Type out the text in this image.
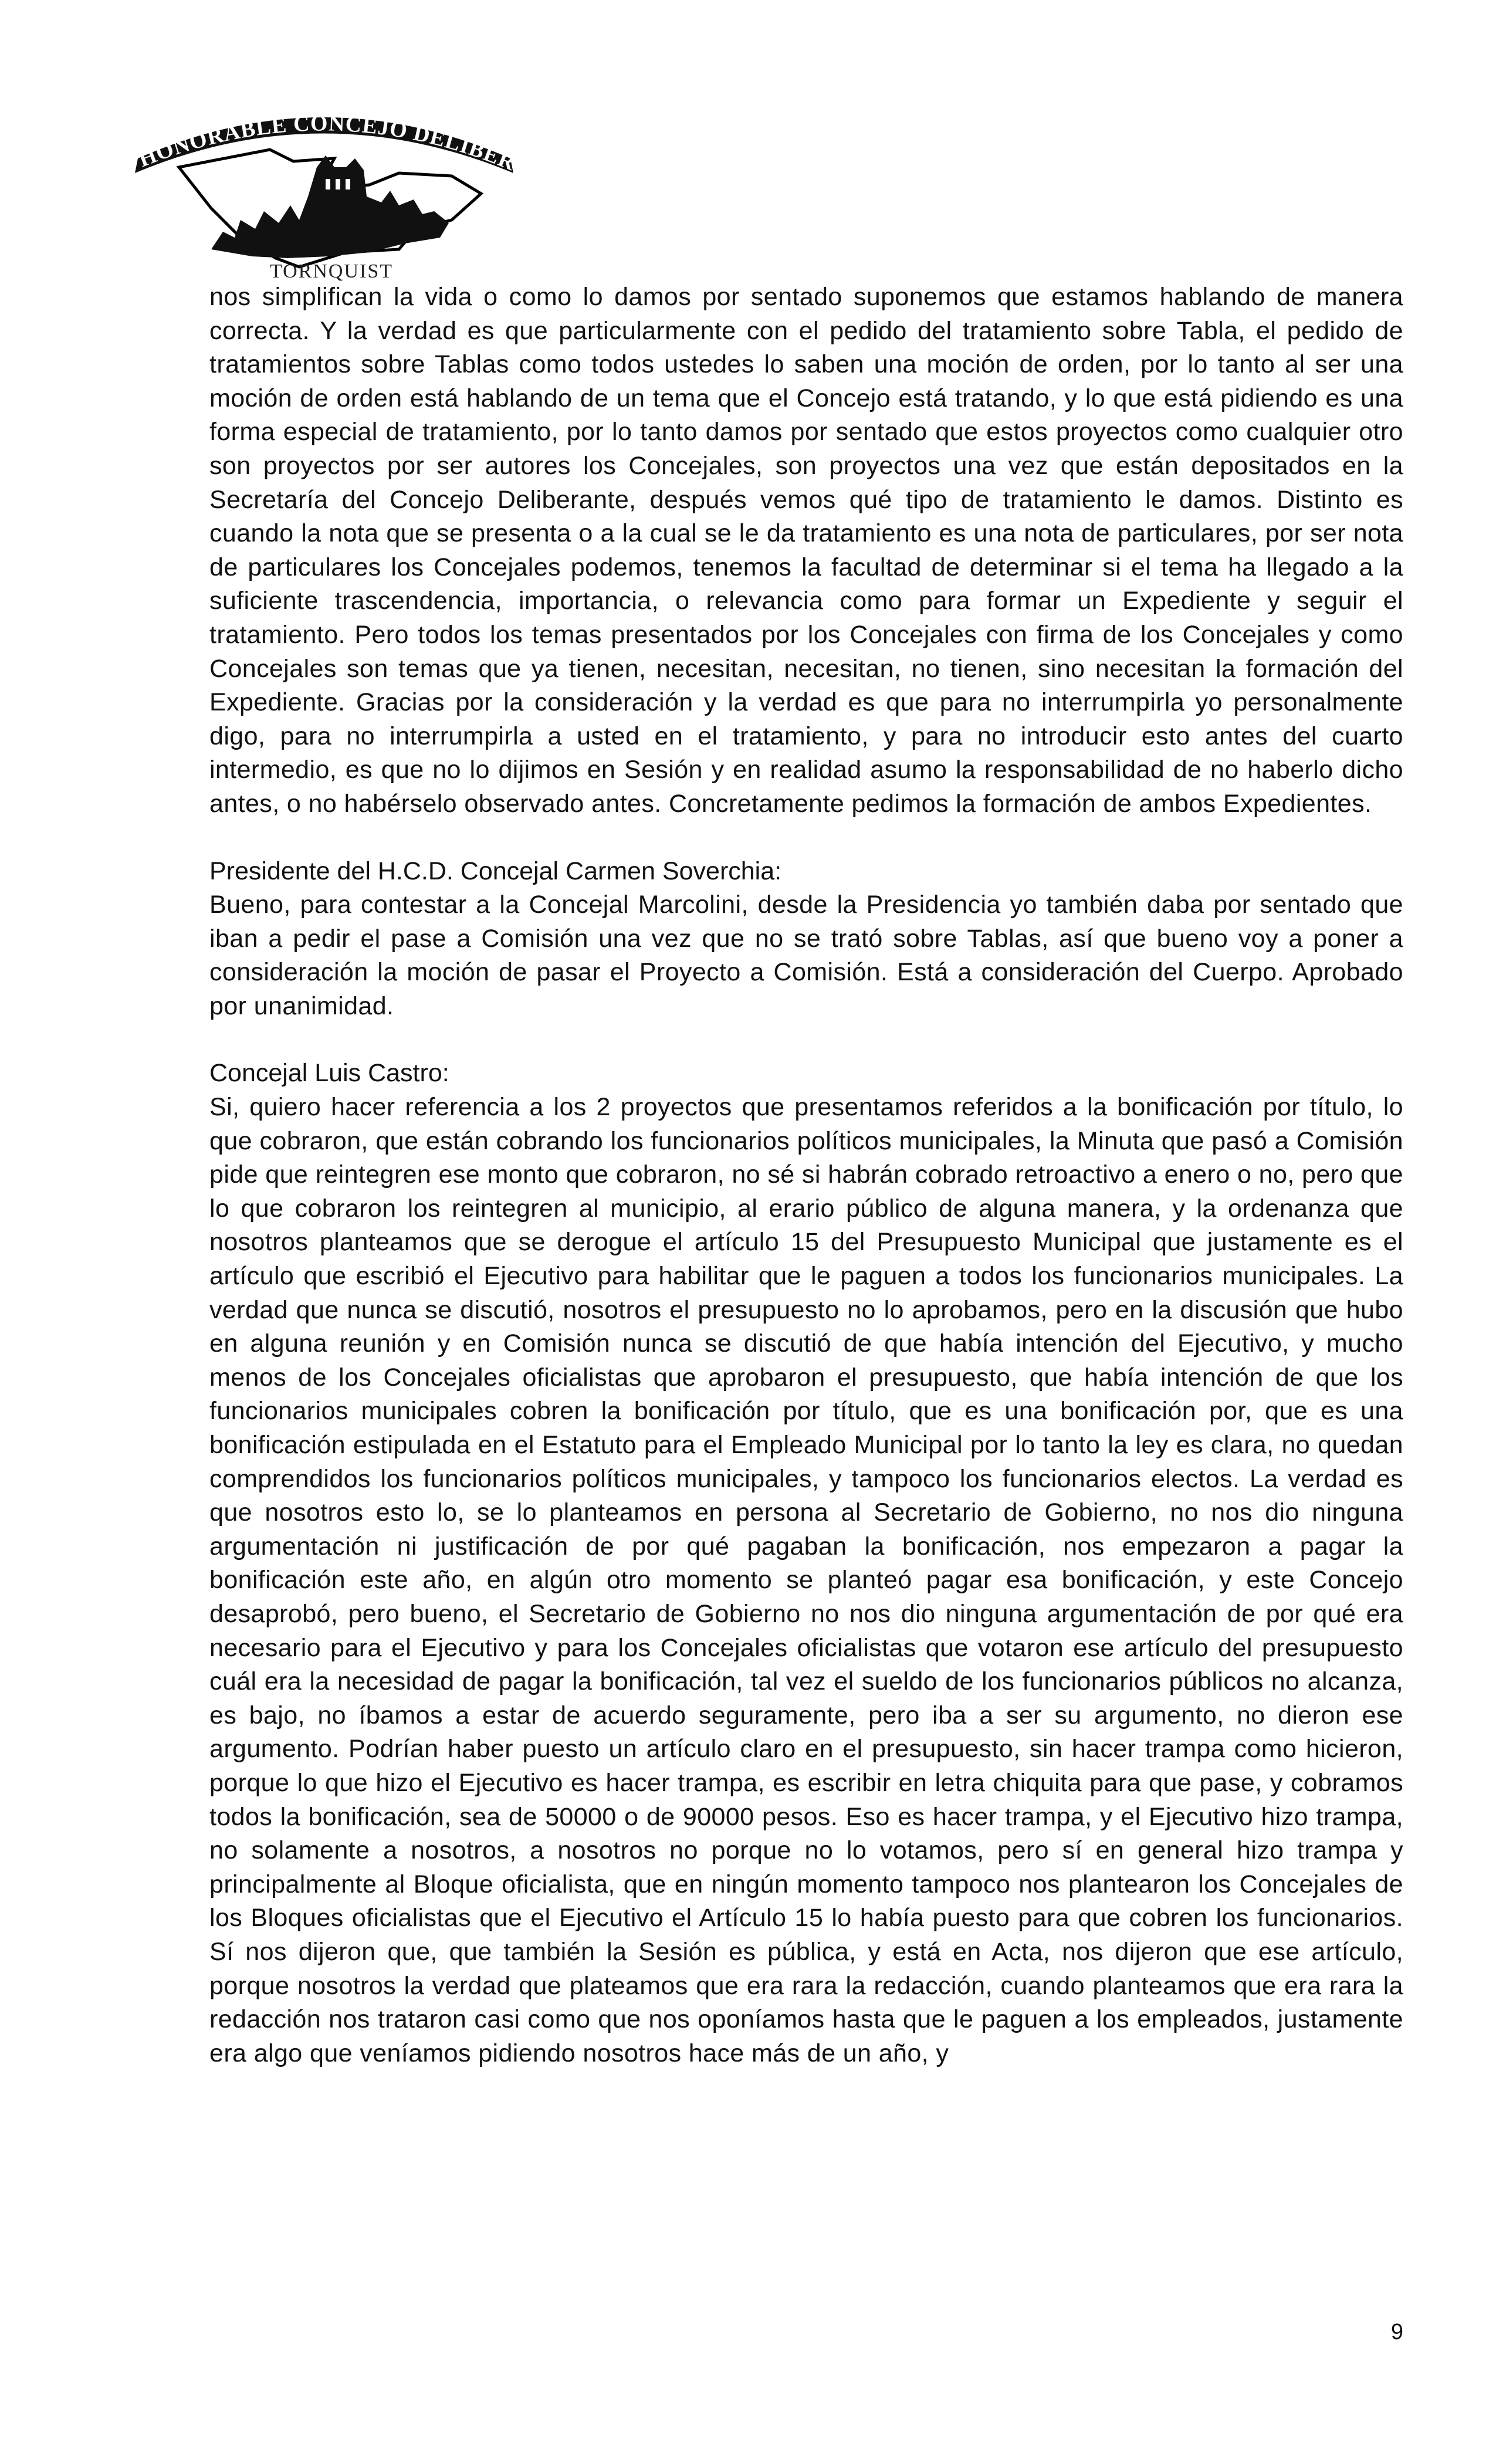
HONORABLE CONCEJO DELIBER
TORNQUIST

nos simplifican la vida o como lo damos por sentado suponemos que estamos hablando de manera correcta. Y la verdad es que particularmente con el pedido del tratamiento sobre Tabla, el pedido de tratamientos sobre Tablas como todos ustedes lo saben una moción de orden, por lo tanto al ser una moción de orden está hablando de un tema que el Concejo está tratando, y lo que está pidiendo es una forma especial de tratamiento, por lo tanto damos por sentado que estos proyectos como cualquier otro son proyectos por ser autores los Concejales, son proyectos una vez que están depositados en la Secretaría del Concejo Deliberante, después vemos qué tipo de tratamiento le damos. Distinto es cuando la nota que se presenta o a la cual se le da tratamiento es una nota de particulares, por ser nota de particulares los Concejales podemos, tenemos la facultad de determinar si el tema ha llegado a la suficiente trascendencia, importancia, o relevancia como para formar un Expediente y seguir el tratamiento. Pero todos los temas presentados por los Concejales con firma de los Concejales y como Concejales son temas que ya tienen, necesitan, necesitan, no tienen, sino necesitan la formación del Expediente. Gracias por la consideración y la verdad es que para no interrumpirla yo personalmente digo, para no interrumpirla a usted en el tratamiento, y para no introducir esto antes del cuarto intermedio, es que no lo dijimos en Sesión y en realidad asumo la responsabilidad de no haberlo dicho antes, o no habérselo observado antes. Concretamente pedimos la formación de ambos Expedientes.

Presidente del H.C.D. Concejal Carmen Soverchia:

Bueno, para contestar a la Concejal Marcolini, desde la Presidencia yo también daba por sentado que iban a pedir el pase a Comisión una vez que no se trató sobre Tablas, así que bueno voy a poner a consideración la moción de pasar el Proyecto a Comisión. Está a consideración del Cuerpo. Aprobado por unanimidad.

Concejal Luis Castro:

Si, quiero hacer referencia a los 2 proyectos que presentamos referidos a la bonificación por título, lo que cobraron, que están cobrando los funcionarios políticos municipales, la Minuta que pasó a Comisión pide que reintegren ese monto que cobraron, no sé si habrán cobrado retroactivo a enero o no, pero que lo que cobraron los reintegren al municipio, al erario público de alguna manera, y la ordenanza que nosotros planteamos que se derogue el artículo 15 del Presupuesto Municipal que justamente es el artículo que escribió el Ejecutivo para habilitar que le paguen a todos los funcionarios municipales. La verdad que nunca se discutió, nosotros el presupuesto no lo aprobamos, pero en la discusión que hubo en alguna reunión y en Comisión nunca se discutió de que había intención del Ejecutivo, y mucho menos de los Concejales oficialistas que aprobaron el presupuesto, que había intención de que los funcionarios municipales cobren la bonificación por título, que es una bonificación por, que es una bonificación estipulada en el Estatuto para el Empleado Municipal por lo tanto la ley es clara, no quedan comprendidos los funcionarios políticos municipales, y tampoco los funcionarios electos. La verdad es que nosotros esto lo, se lo planteamos en persona al Secretario de Gobierno, no nos dio ninguna argumentación ni justificación de por qué pagaban la bonificación, nos empezaron a pagar la bonificación este año, en algún otro momento se planteó pagar esa bonificación, y este Concejo desaprobó, pero bueno, el Secretario de Gobierno no nos dio ninguna argumentación de por qué era necesario para el Ejecutivo y para los Concejales oficialistas que votaron ese artículo del presupuesto cuál era la necesidad de pagar la bonificación, tal vez el sueldo de los funcionarios públicos no alcanza, es bajo, no íbamos a estar de acuerdo seguramente, pero iba a ser su argumento, no dieron ese argumento. Podrían haber puesto un artículo claro en el presupuesto, sin hacer trampa como hicieron, porque lo que hizo el Ejecutivo es hacer trampa, es escribir en letra chiquita para que pase, y cobramos todos la bonificación, sea de 50000 o de 90000 pesos. Eso es hacer trampa, y el Ejecutivo hizo trampa, no solamente a nosotros, a nosotros no porque no lo votamos, pero sí en general hizo trampa y principalmente al Bloque oficialista, que en ningún momento tampoco nos plantearon los Concejales de los Bloques oficialistas que el Ejecutivo el Artículo 15 lo había puesto para que cobren los funcionarios. Sí nos dijeron que, que también la Sesión es pública, y está en Acta, nos dijeron que ese artículo, porque nosotros la verdad que plateamos que era rara la redacción, cuando planteamos que era rara la redacción nos trataron casi como que nos oponíamos hasta que le paguen a los empleados, justamente era algo que veníamos pidiendo nosotros hace más de un año, y

9
